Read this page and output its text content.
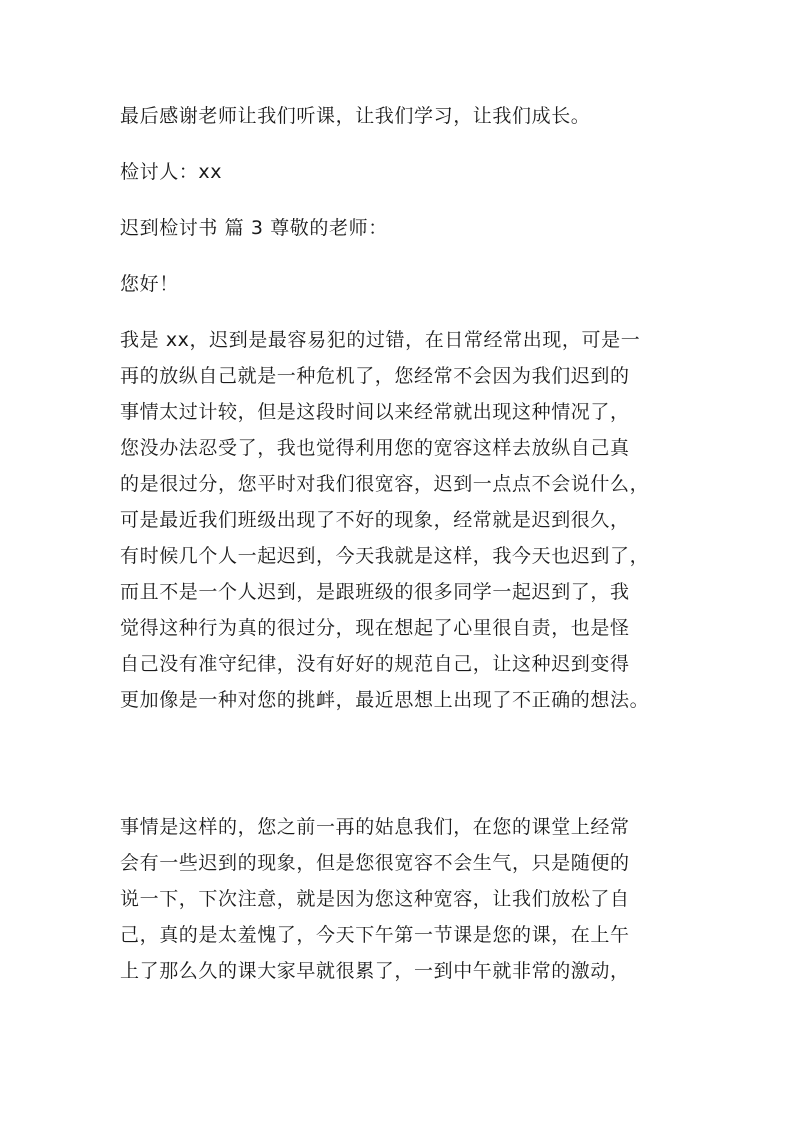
最后感谢老师让我们听课，让我们学习，让我们成长。
检讨人：xx
迟到检讨书 篇 3 尊敬的老师：
您好！
我是 xx，迟到是最容易犯的过错，在日常经常出现，可是一
再的放纵自己就是一种危机了，您经常不会因为我们迟到的
事情太过计较，但是这段时间以来经常就出现这种情况了，
您没办法忍受了，我也觉得利用您的宽容这样去放纵自己真
的是很过分，您平时对我们很宽容，迟到一点点不会说什么，
可是最近我们班级出现了不好的现象，经常就是迟到很久，
有时候几个人一起迟到，今天我就是这样，我今天也迟到了，
而且不是一个人迟到，是跟班级的很多同学一起迟到了，我
觉得这种行为真的很过分，现在想起了心里很自责，也是怪
自己没有准守纪律，没有好好的规范自己，让这种迟到变得
更加像是一种对您的挑衅，最近思想上出现了不正确的想法。
事情是这样的，您之前一再的姑息我们，在您的课堂上经常
会有一些迟到的现象，但是您很宽容不会生气，只是随便的
说一下，下次注意，就是因为您这种宽容，让我们放松了自
己，真的是太羞愧了，今天下午第一节课是您的课，在上午
上了那么久的课大家早就很累了，一到中午就非常的激动，
